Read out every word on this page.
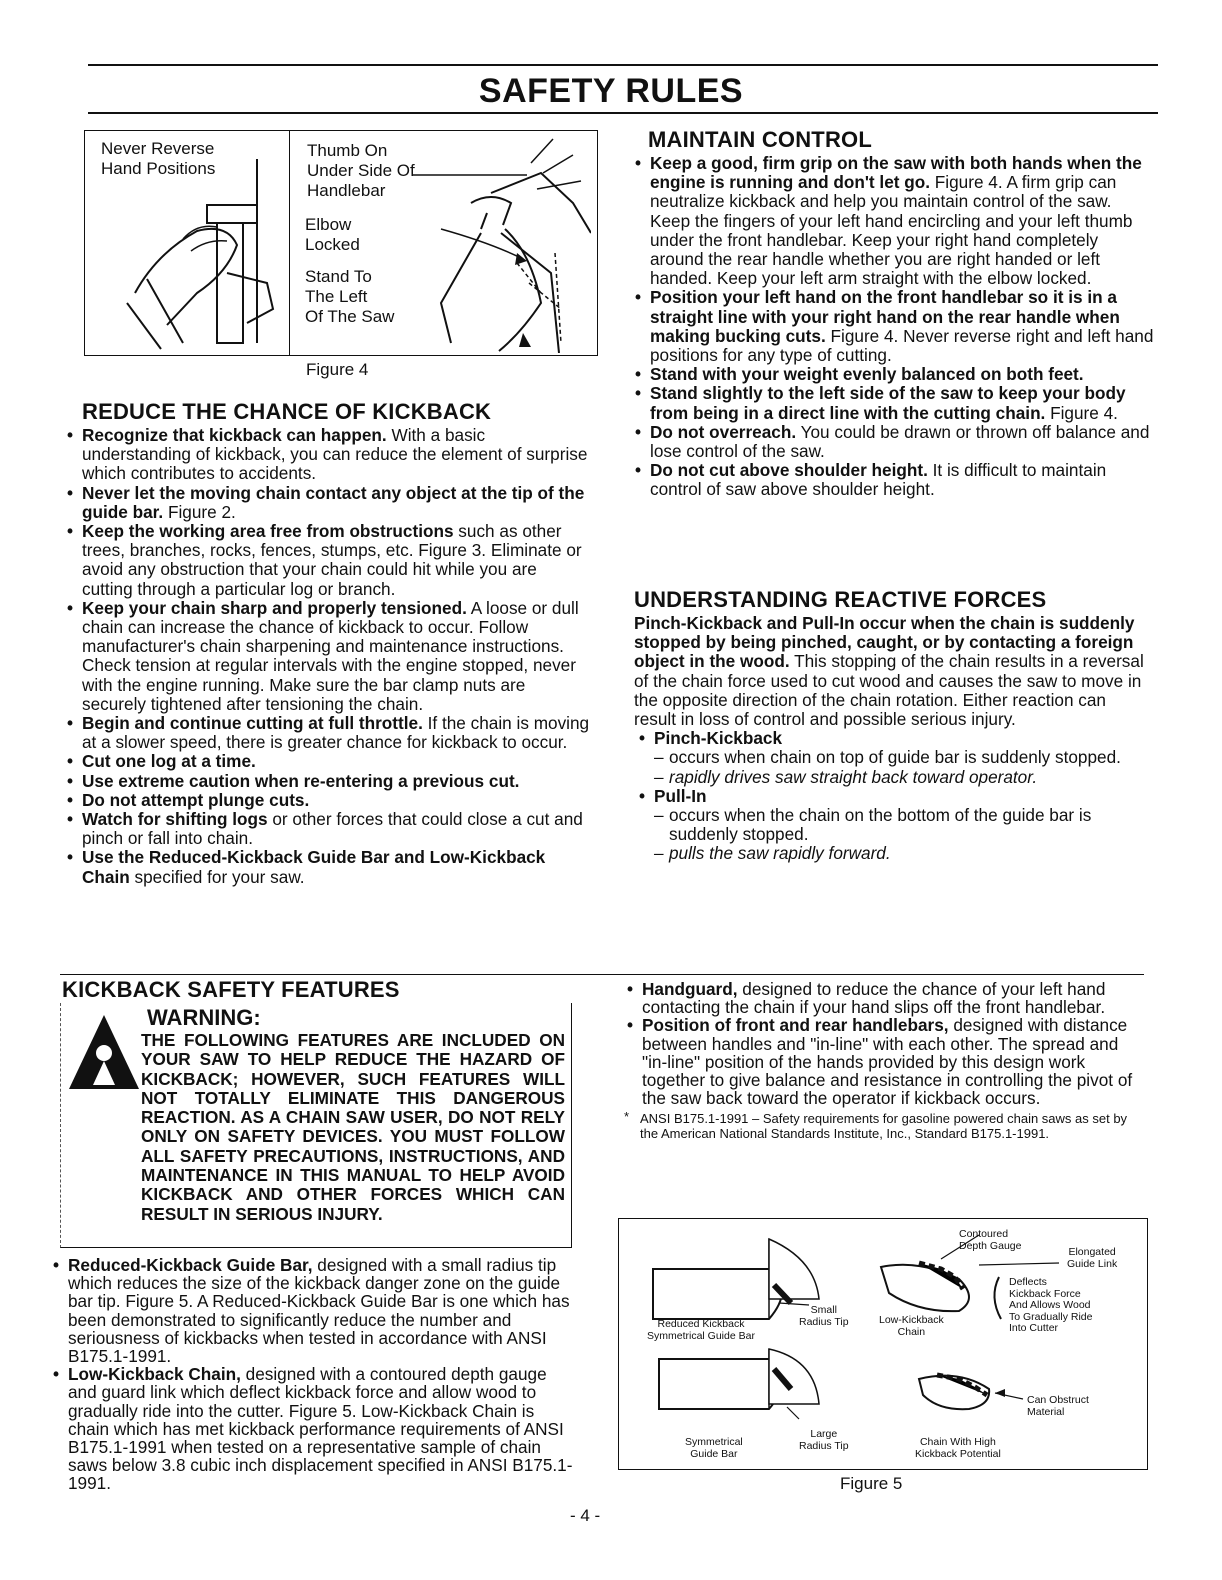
SAFETY RULES
Never Reverse
Hand Positions
Thumb On
Under Side Of
Handlebar
Elbow
Locked
Stand To
The Left
Of The Saw
Figure 4
REDUCE THE CHANCE OF KICKBACK
• Recognize that kickback can happen. With a basic understanding of kickback, you can reduce the element of surprise which contributes to accidents.
• Never let the moving chain contact any object at the tip of the guide bar. Figure 2.
• Keep the working area free from obstructions such as other trees, branches, rocks, fences, stumps, etc. Figure 3. Eliminate or avoid any obstruction that your chain could hit while you are cutting through a particular log or branch.
• Keep your chain sharp and properly tensioned. A loose or dull chain can increase the chance of kickback to occur. Follow manufacturer's chain sharpening and maintenance instructions. Check tension at regular intervals with the engine stopped, never with the engine running. Make sure the bar clamp nuts are securely tightened after tensioning the chain.
• Begin and continue cutting at full throttle. If the chain is moving at a slower speed, there is greater chance for kickback to occur.
• Cut one log at a time.
• Use extreme caution when re-entering a previous cut.
• Do not attempt plunge cuts.
• Watch for shifting logs or other forces that could close a cut and pinch or fall into chain.
• Use the Reduced-Kickback Guide Bar and Low-Kickback Chain specified for your saw.
MAINTAIN CONTROL
• Keep a good, firm grip on the saw with both hands when the engine is running and don't let go. Figure 4. A firm grip can neutralize kickback and help you maintain control of the saw. Keep the fingers of your left hand encircling and your left thumb under the front handlebar. Keep your right hand completely around the rear handle whether you are right handed or left handed. Keep your left arm straight with the elbow locked.
• Position your left hand on the front handlebar so it is in a straight line with your right hand on the rear handle when making bucking cuts. Figure 4. Never reverse right and left hand positions for any type of cutting.
• Stand with your weight evenly balanced on both feet.
• Stand slightly to the left side of the saw to keep your body from being in a direct line with the cutting chain. Figure 4.
• Do not overreach. You could be drawn or thrown off balance and lose control of the saw.
• Do not cut above shoulder height. It is difficult to maintain control of saw above shoulder height.
UNDERSTANDING REACTIVE FORCES
Pinch-Kickback and Pull-In occur when the chain is suddenly stopped by being pinched, caught, or by contacting a foreign object in the wood. This stopping of the chain results in a reversal of the chain force used to cut wood and causes the saw to move in the opposite direction of the chain rotation. Either reaction can result in loss of control and possible serious injury.
• Pinch-Kickback
– occurs when chain on top of guide bar is suddenly stopped.
– rapidly drives saw straight back toward operator.
• Pull-In
– occurs when the chain on the bottom of the guide bar is suddenly stopped.
– pulls the saw rapidly forward.
KICKBACK SAFETY FEATURES
WARNING:
THE FOLLOWING FEATURES ARE INCLUDED ON YOUR SAW TO HELP REDUCE THE HAZARD OF KICKBACK; HOWEVER, SUCH FEATURES WILL NOT TOTALLY ELIMINATE THIS DANGEROUS REACTION. AS A CHAIN SAW USER, DO NOT RELY ONLY ON SAFETY DEVICES. YOU MUST FOLLOW ALL SAFETY PRECAUTIONS, INSTRUCTIONS, AND MAINTENANCE IN THIS MANUAL TO HELP AVOID KICKBACK AND OTHER FORCES WHICH CAN RESULT IN SERIOUS INJURY.
• Reduced-Kickback Guide Bar, designed with a small radius tip which reduces the size of the kickback danger zone on the guide bar tip. Figure 5. A Reduced-Kickback Guide Bar is one which has been demonstrated to significantly reduce the number and seriousness of kickbacks when tested in accordance with ANSI B175.1-1991.
• Low-Kickback Chain, designed with a contoured depth gauge and guard link which deflect kickback force and allow wood to gradually ride into the cutter. Figure 5. Low-Kickback Chain is chain which has met kickback performance requirements of ANSI B175.1-1991 when tested on a representative sample of chain saws below 3.8 cubic inch displacement specified in ANSI B175.1-1991.
• Handguard, designed to reduce the chance of your left hand contacting the chain if your hand slips off the front handlebar.
• Position of front and rear handlebars, designed with distance between handles and "in-line" with each other. The spread and "in-line" position of the hands provided by this design work together to give balance and resistance in controlling the pivot of the saw back toward the operator if kickback occurs.
* ANSI B175.1-1991 – Safety requirements for gasoline powered chain saws as set by the American National Standards Institute, Inc., Standard B175.1-1991.
Reduced Kickback
Symmetrical Guide Bar
Small
Radius Tip
Contoured
Depth Gauge
Elongated
Guide Link
Low-Kickback
Chain
Deflects
Kickback Force
And Allows Wood
To Gradually Ride
Into Cutter
Symmetrical
Guide Bar
Large
Radius Tip	Chain With High
Kickback Potential
Can Obstruct
Material
Figure 5
- 4 -
